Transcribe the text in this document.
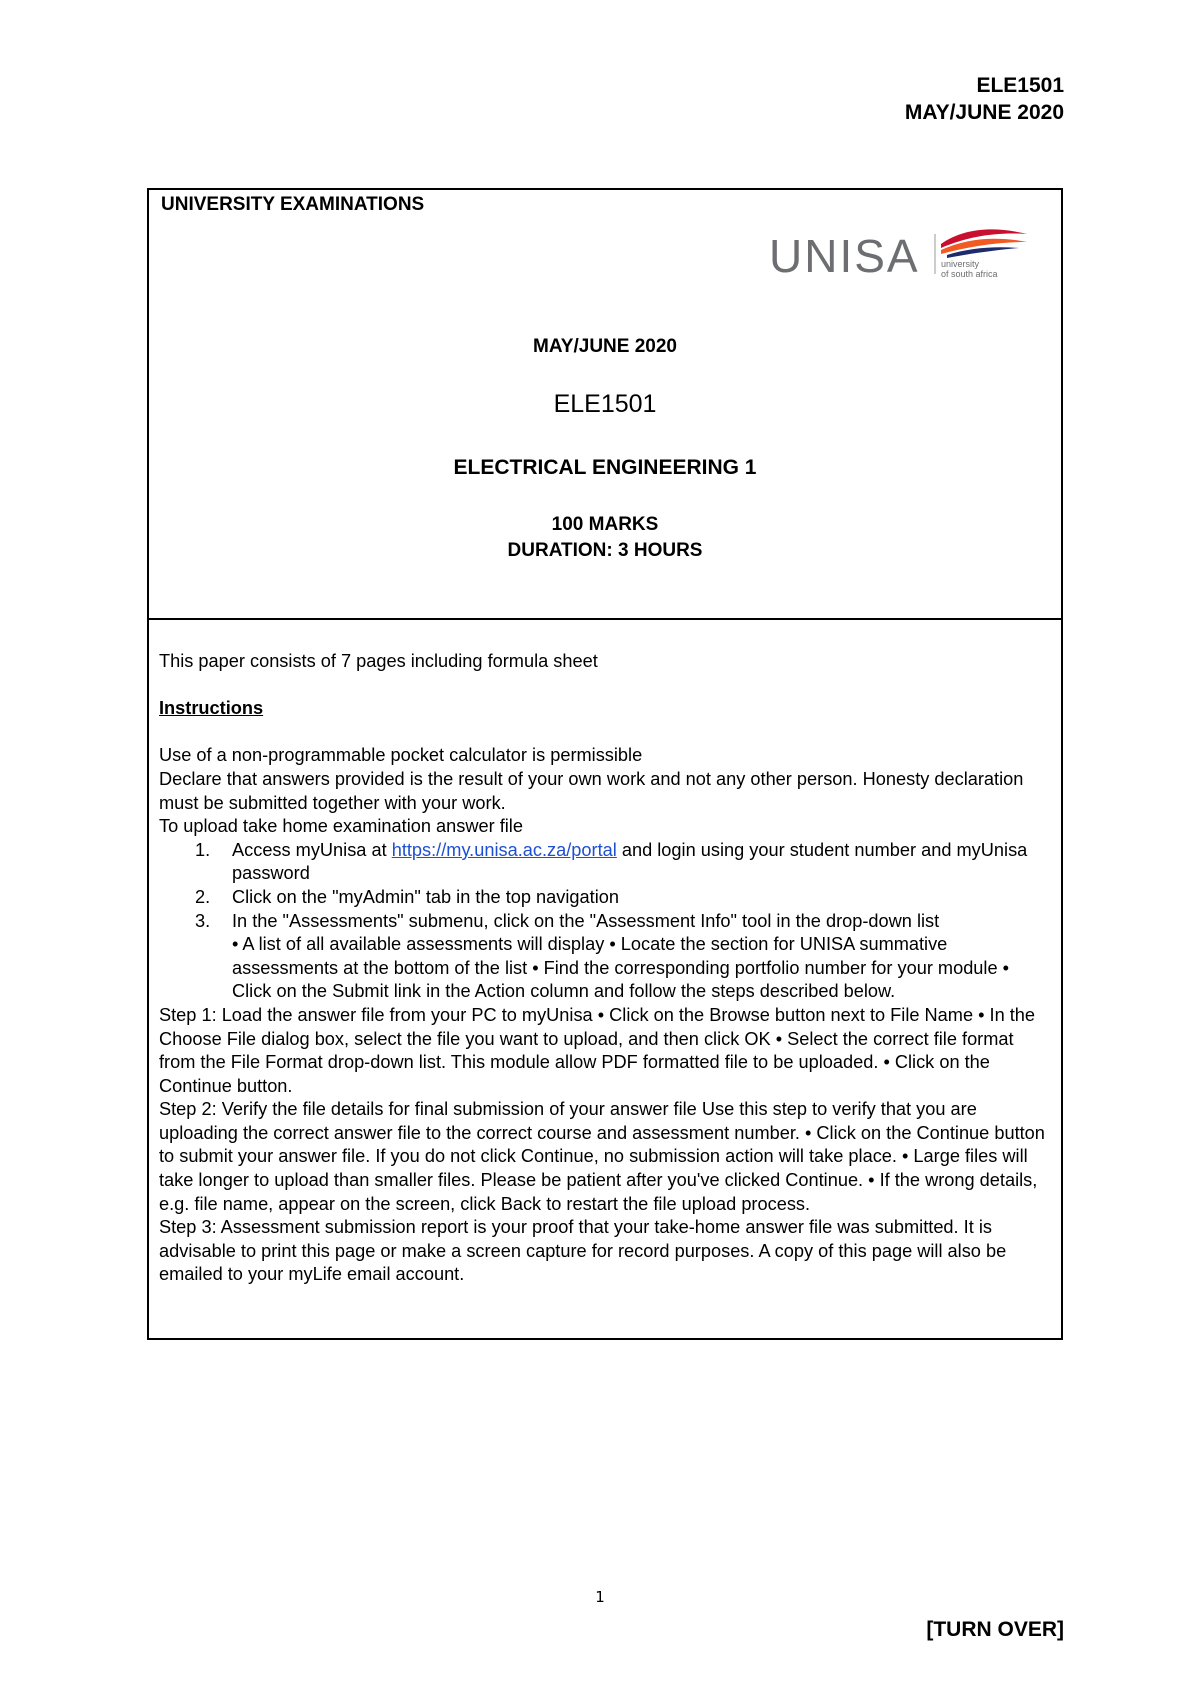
ELE1501
MAY/JUNE 2020
UNIVERSITY EXAMINATIONS
UNISA university
of south africa
MAY/JUNE 2020
ELE1501
ELECTRICAL ENGINEERING 1
100 MARKS
DURATION: 3 HOURS

This paper consists of 7 pages including formula sheet

Instructions

Use of a non-programmable pocket calculator is permissible

Declare that answers provided is the result of your own work and not any other person. Honesty declaration must be submitted together with your work.

To upload take home examination answer file

1. Access myUnisa at https://my.unisa.ac.za/portal and login using your student number and myUnisa password
2. Click on the "myAdmin" tab in the top navigation
3. In the "Assessments" submenu, click on the "Assessment Info" tool in the drop-down list
• A list of all available assessments will display • Locate the section for UNISA summative assessments at the bottom of the list • Find the corresponding portfolio number for your module • Click on the Submit link in the Action column and follow the steps described below.

Step 1: Load the answer file from your PC to myUnisa • Click on the Browse button next to File Name • In the Choose File dialog box, select the file you want to upload, and then click OK • Select the correct file format from the File Format drop-down list. This module allow PDF formatted file to be uploaded. • Click on the Continue button.

Step 2: Verify the file details for final submission of your answer file Use this step to verify that you are uploading the correct answer file to the correct course and assessment number. • Click on the Continue button to submit your answer file. If you do not click Continue, no submission action will take place. • Large files will take longer to upload than smaller files. Please be patient after you've clicked Continue. • If the wrong details, e.g. file name, appear on the screen, click Back to restart the file upload process.

Step 3: Assessment submission report is your proof that your take-home answer file was submitted. It is advisable to print this page or make a screen capture for record purposes. A copy of this page will also be emailed to your myLife email account.

1
[TURN OVER]
